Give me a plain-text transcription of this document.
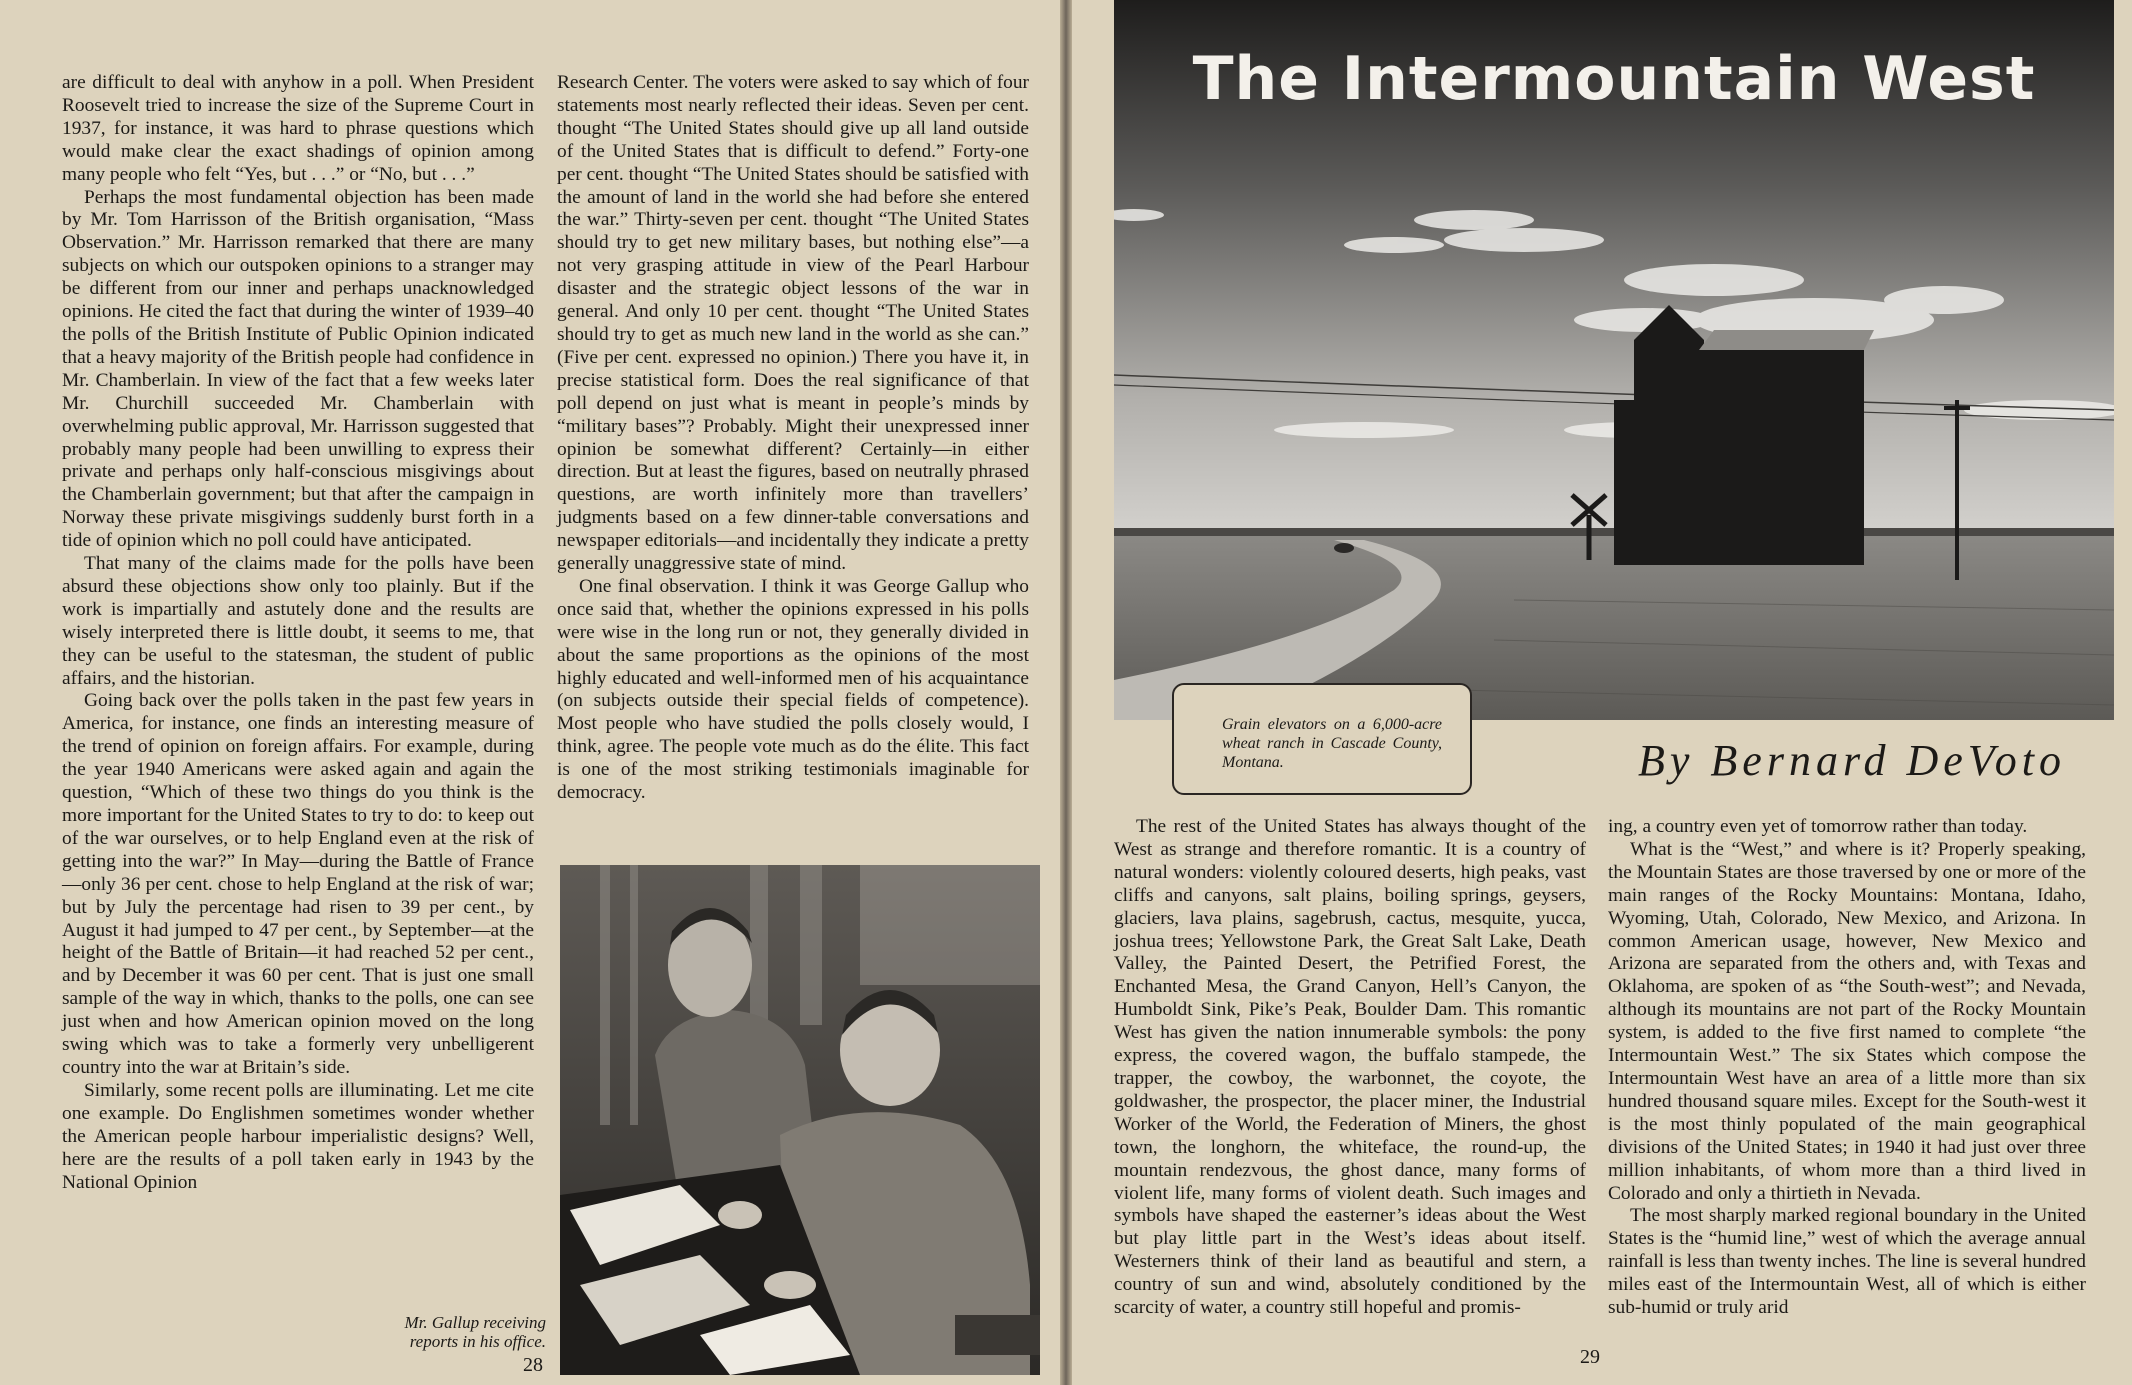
are difficult to deal with anyhow in a poll. When President Roosevelt tried to increase the size of the Supreme Court in 1937, for instance, it was hard to phrase questions which would make clear the exact shadings of opinion among many people who felt “Yes, but . . .” or “No, but . . .”

Perhaps the most fundamental objection has been made by Mr. Tom Harrisson of the British organisation, “Mass Observation.” Mr. Harrisson remarked that there are many subjects on which our outspoken opinions to a stranger may be different from our inner and perhaps unacknowledged opinions. He cited the fact that during the winter of 1939–40 the polls of the British Institute of Public Opinion indicated that a heavy majority of the British people had confidence in Mr. Chamberlain. In view of the fact that a few weeks later Mr. Churchill succeeded Mr. Chamberlain with overwhelming public approval, Mr. Harrisson suggested that probably many people had been unwilling to express their private and perhaps only half-conscious misgivings about the Chamberlain government; but that after the campaign in Norway these private misgivings suddenly burst forth in a tide of opinion which no poll could have anticipated.

That many of the claims made for the polls have been absurd these objections show only too plainly. But if the work is impartially and astutely done and the results are wisely interpreted there is little doubt, it seems to me, that they can be useful to the statesman, the student of public affairs, and the historian.

Going back over the polls taken in the past few years in America, for instance, one finds an interesting measure of the trend of opinion on foreign affairs. For example, during the year 1940 Americans were asked again and again the question, “Which of these two things do you think is the more important for the United States to try to do: to keep out of the war ourselves, or to help England even at the risk of getting into the war?” In May—during the Battle of France—only 36 per cent. chose to help England at the risk of war; but by July the percentage had risen to 39 per cent., by August it had jumped to 47 per cent., by September—at the height of the Battle of Britain—it had reached 52 per cent., and by December it was 60 per cent. That is just one small sample of the way in which, thanks to the polls, one can see just when and how American opinion moved on the long swing which was to take a formerly very unbelligerent country into the war at Britain’s side.

Similarly, some recent polls are illuminating. Let me cite one example. Do Englishmen sometimes wonder whether the American people harbour imperialistic designs? Well, here are the results of a poll taken early in 1943 by the National Opinion

Research Center. The voters were asked to say which of four statements most nearly reflected their ideas. Seven per cent. thought “The United States should give up all land outside of the United States that is difficult to defend.” Forty-one per cent. thought “The United States should be satisfied with the amount of land in the world she had before she entered the war.” Thirty-seven per cent. thought “The United States should try to get new military bases, but nothing else”—a not very grasping attitude in view of the Pearl Harbour disaster and the strategic object lessons of the war in general. And only 10 per cent. thought “The United States should try to get as much new land in the world as she can.” (Five per cent. expressed no opinion.) There you have it, in precise statistical form. Does the real significance of that poll depend on just what is meant in people’s minds by “military bases”? Probably. Might their unexpressed inner opinion be somewhat different? Certainly—in either direction. But at least the figures, based on neutrally phrased questions, are worth infinitely more than travellers’ judgments based on a few dinner-table conversations and newspaper editorials—and incidentally they indicate a pretty generally unaggressive state of mind.

One final observation. I think it was George Gallup who once said that, whether the opinions expressed in his polls were wise in the long run or not, they generally divided in about the same proportions as the opinions of the most highly educated and well-informed men of his acquaintance (on subjects outside their special fields of competence). Most people who have studied the polls closely would, I think, agree. The people vote much as do the élite. This fact is one of the most striking testimonials imaginable for democracy.

Mr. Gallup receiving
reports in his office.
28
The Intermountain West
Grain elevators on a 6,000-acre wheat ranch in Cascade County, Montana.	By Bernard DeVoto

The rest of the United States has always thought of the West as strange and therefore romantic. It is a country of natural wonders: violently coloured deserts, high peaks, vast cliffs and canyons, salt plains, boiling springs, geysers, glaciers, lava plains, sagebrush, cactus, mesquite, yucca, joshua trees; Yellowstone Park, the Great Salt Lake, Death Valley, the Painted Desert, the Petrified Forest, the Enchanted Mesa, the Grand Canyon, Hell’s Canyon, the Humboldt Sink, Pike’s Peak, Boulder Dam. This romantic West has given the nation innumerable symbols: the pony express, the covered wagon, the buffalo stampede, the trapper, the cowboy, the warbonnet, the coyote, the goldwasher, the prospector, the placer miner, the Industrial Worker of the World, the Federation of Miners, the ghost town, the longhorn, the whiteface, the round-up, the mountain rendezvous, the ghost dance, many forms of violent life, many forms of violent death. Such images and symbols have shaped the easterner’s ideas about the West but play little part in the West’s ideas about itself. Westerners think of their land as beautiful and stern, a country of sun and wind, absolutely conditioned by the scarcity of water, a country still hopeful and promis-

ing, a country even yet of tomorrow rather than today.

What is the “West,” and where is it? Properly speaking, the Mountain States are those traversed by one or more of the main ranges of the Rocky Mountains: Montana, Idaho, Wyoming, Utah, Colorado, New Mexico, and Arizona. In common American usage, however, New Mexico and Arizona are separated from the others and, with Texas and Oklahoma, are spoken of as “the South-west”; and Nevada, although its mountains are not part of the Rocky Mountain system, is added to the five first named to complete “the Intermountain West.” The six States which compose the Intermountain West have an area of a little more than six hundred thousand square miles. Except for the South-west it is the most thinly populated of the main geographical divisions of the United States; in 1940 it had just over three million inhabitants, of whom more than a third lived in Colorado and only a thirtieth in Nevada.

The most sharply marked regional boundary in the United States is the “humid line,” west of which the average annual rainfall is less than twenty inches. The line is several hundred miles east of the Intermountain West, all of which is either sub-humid or truly arid

29
